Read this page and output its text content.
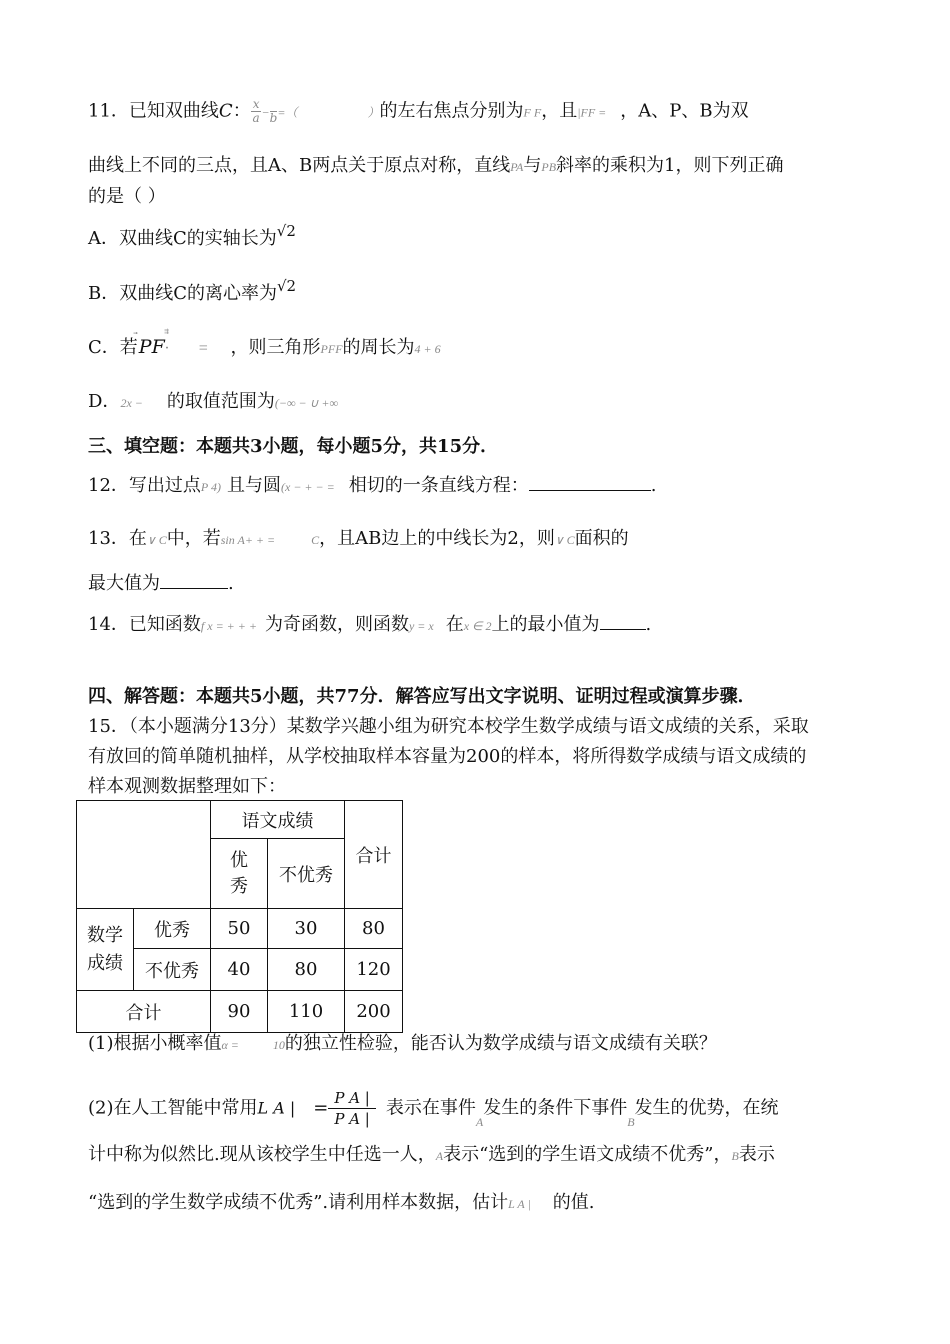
11．已知双曲线C： $\frac{x}{a}$ −
b =（	）的左右焦点分别为F F，且|FF = ，A、P、B为双
曲线上不同的三点，且A、B两点关于原点对称，直线PA与PB斜率的乘积为1，则下列正确
的是（ ）
A．双曲线C的实轴长为$^{√2}$
B．双曲线C的离心率为$^{√2}$
C．若⃗⃗⃗PF·⃗⃗⃗⃗= ，则三角形PFF的周长为4 + 6
D．2x − 的取值范围为(−∞ − ∪ +∞
三、填空题：本题共3小题，每小题5分，共15分．
12．写出过点P 4) 且与圆(x − + − = 相切的一条直线方程：	.
13．在∨ C中，若sin A+ + =	C，且AB边上的中线长为2，则∨ C面积的
最大值为	.
14．已知函数f x = + + + 为奇函数，则函数y = x 在x ∈ 2上的最小值为	.
四、解答题：本题共5小题，共77分．解答应写出文字说明、证明过程或演算步骤．
15．（本小题满分13分）某数学兴趣小组为研究本校学生数学成绩与语文成绩的关系，采取
有放回的简单随机抽样，从学校抽取样本容量为200的样本，将所得数学成绩与语文成绩的
样本观测数据整理如下：
		语文成绩		合计
		优秀	不优秀	
数学成绩	优秀	50	30	80
	不优秀	40	80	120
合计		90	110	200
(1)根据小概率值α =	10的独立性检验，能否认为数学成绩与语文成绩有关联？
(2)在人工智能中常用L A | = $\frac{\text{P A |}}{\text{P A |}}$ 表示在事件$_A$发生的条件下事件$_B$发生的优势，在统
计中称为似然比.现从该校学生中任选一人，A表示“选到的学生语文成绩不优秀”，B表示
“选到的学生数学成绩不优秀”.请利用样本数据，估计L A | 的值.
